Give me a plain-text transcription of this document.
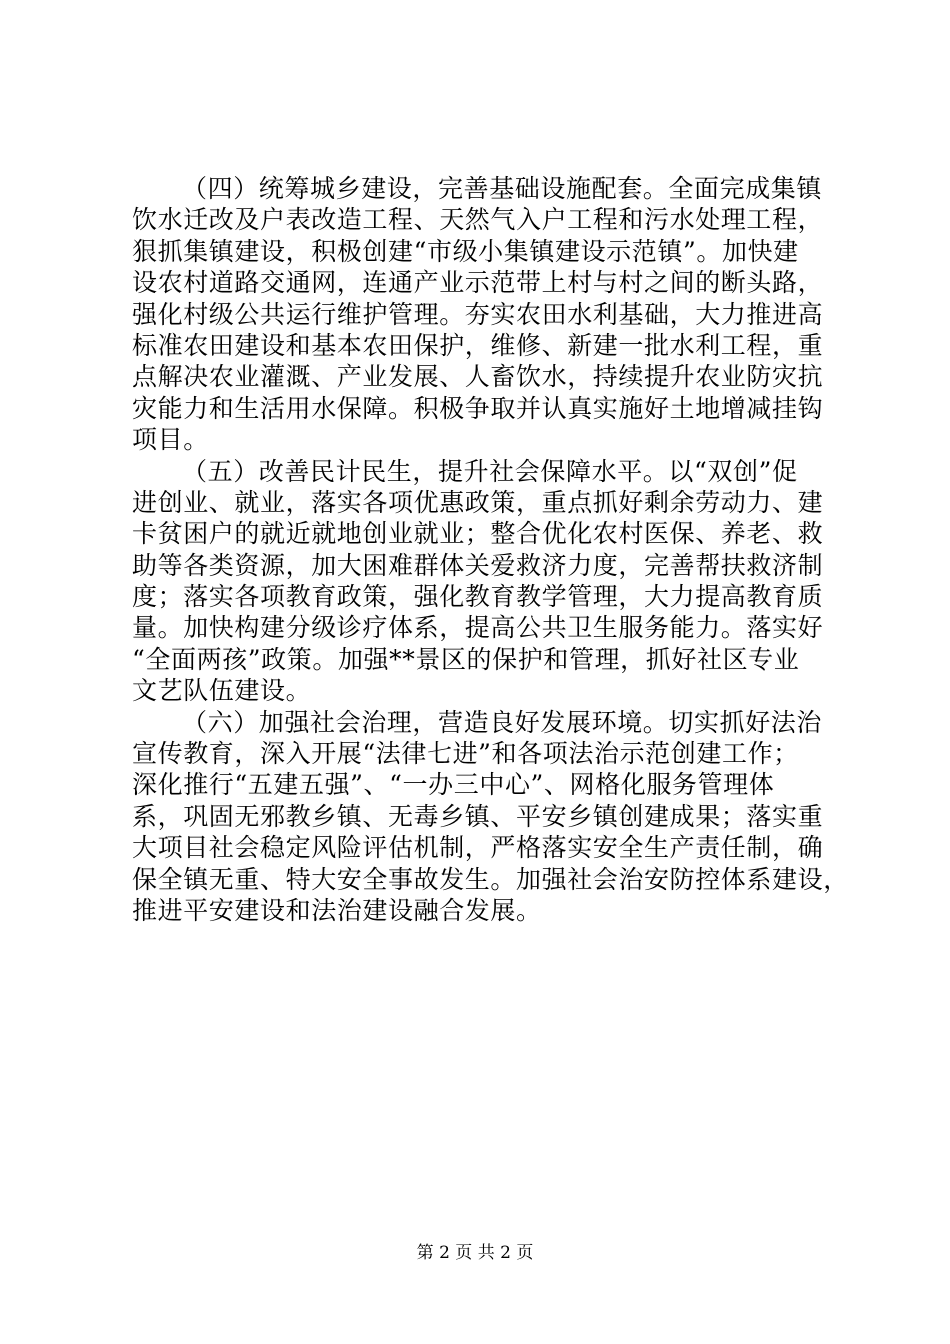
（四）统筹城乡建设，完善基础设施配套。全面完成集镇
饮水迁改及户表改造工程、天然气入户工程和污水处理工程，
狠抓集镇建设，积极创建“市级小集镇建设示范镇”。加快建
设农村道路交通网，连通产业示范带上村与村之间的断头路，
强化村级公共运行维护管理。夯实农田水利基础，大力推进高
标准农田建设和基本农田保护，维修、新建一批水利工程，重
点解决农业灌溉、产业发展、人畜饮水，持续提升农业防灾抗
灾能力和生活用水保障。积极争取并认真实施好土地增减挂钩
项目。
（五）改善民计民生，提升社会保障水平。以“双创”促
进创业、就业，落实各项优惠政策，重点抓好剩余劳动力、建
卡贫困户的就近就地创业就业；整合优化农村医保、养老、救
助等各类资源，加大困难群体关爱救济力度，完善帮扶救济制
度；落实各项教育政策，强化教育教学管理，大力提高教育质
量。加快构建分级诊疗体系，提高公共卫生服务能力。落实好
“全面两孩”政策。加强**景区的保护和管理，抓好社区专业
文艺队伍建设。
（六）加强社会治理，营造良好发展环境。切实抓好法治
宣传教育，深入开展“法律七进”和各项法治示范创建工作；
深化推行“五建五强”、“一办三中心”、网格化服务管理体
系，巩固无邪教乡镇、无毒乡镇、平安乡镇创建成果；落实重
大项目社会稳定风险评估机制，严格落实安全生产责任制，确
保全镇无重、特大安全事故发生。加强社会治安防控体系建设，
推进平安建设和法治建设融合发展。
第 2 页 共 2 页
